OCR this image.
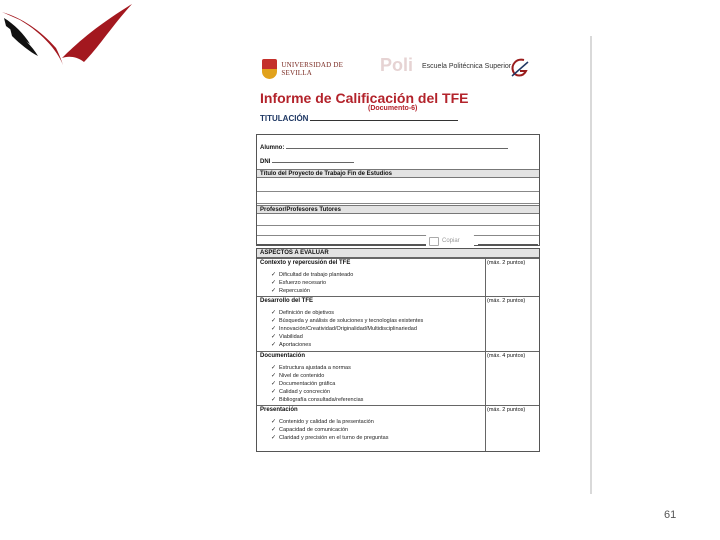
UNIVERSIDAD DE SEVILLA	Poli Escuela Politécnica Superior
Informe de Calificación del TFE
(Documento-6)
TITULACIÓN
Alumno:
DNI
Título del Proyecto de Trabajo Fin de Estudios
Profesor/Profesores Tutores
Copiar
ASPECTOS A EVALUAR
Contexto y repercusión del TFE	(máx. 2 puntos)
✓ Dificultad de trabajo planteado
✓ Esfuerzo necesario
✓ Repercusión
Desarrollo del TFE	(máx. 2 puntos)
✓ Definición de objetivos
✓ Búsqueda y análisis de soluciones y tecnologías existentes
✓ Innovación/Creatividad/Originalidad/Multidisciplinariedad
✓ Viabilidad
✓ Aportaciones
Documentación	(máx. 4 puntos)
✓ Estructura ajustada a normas
✓ Nivel de contenido
✓ Documentación gráfica
✓ Calidad y concreción
✓ Bibliografía consultada/referencias
Presentación	(máx. 2 puntos)
✓ Contenido y calidad de la presentación
✓ Capacidad de comunicación
✓ Claridad y precisión en el turno de preguntas
61
